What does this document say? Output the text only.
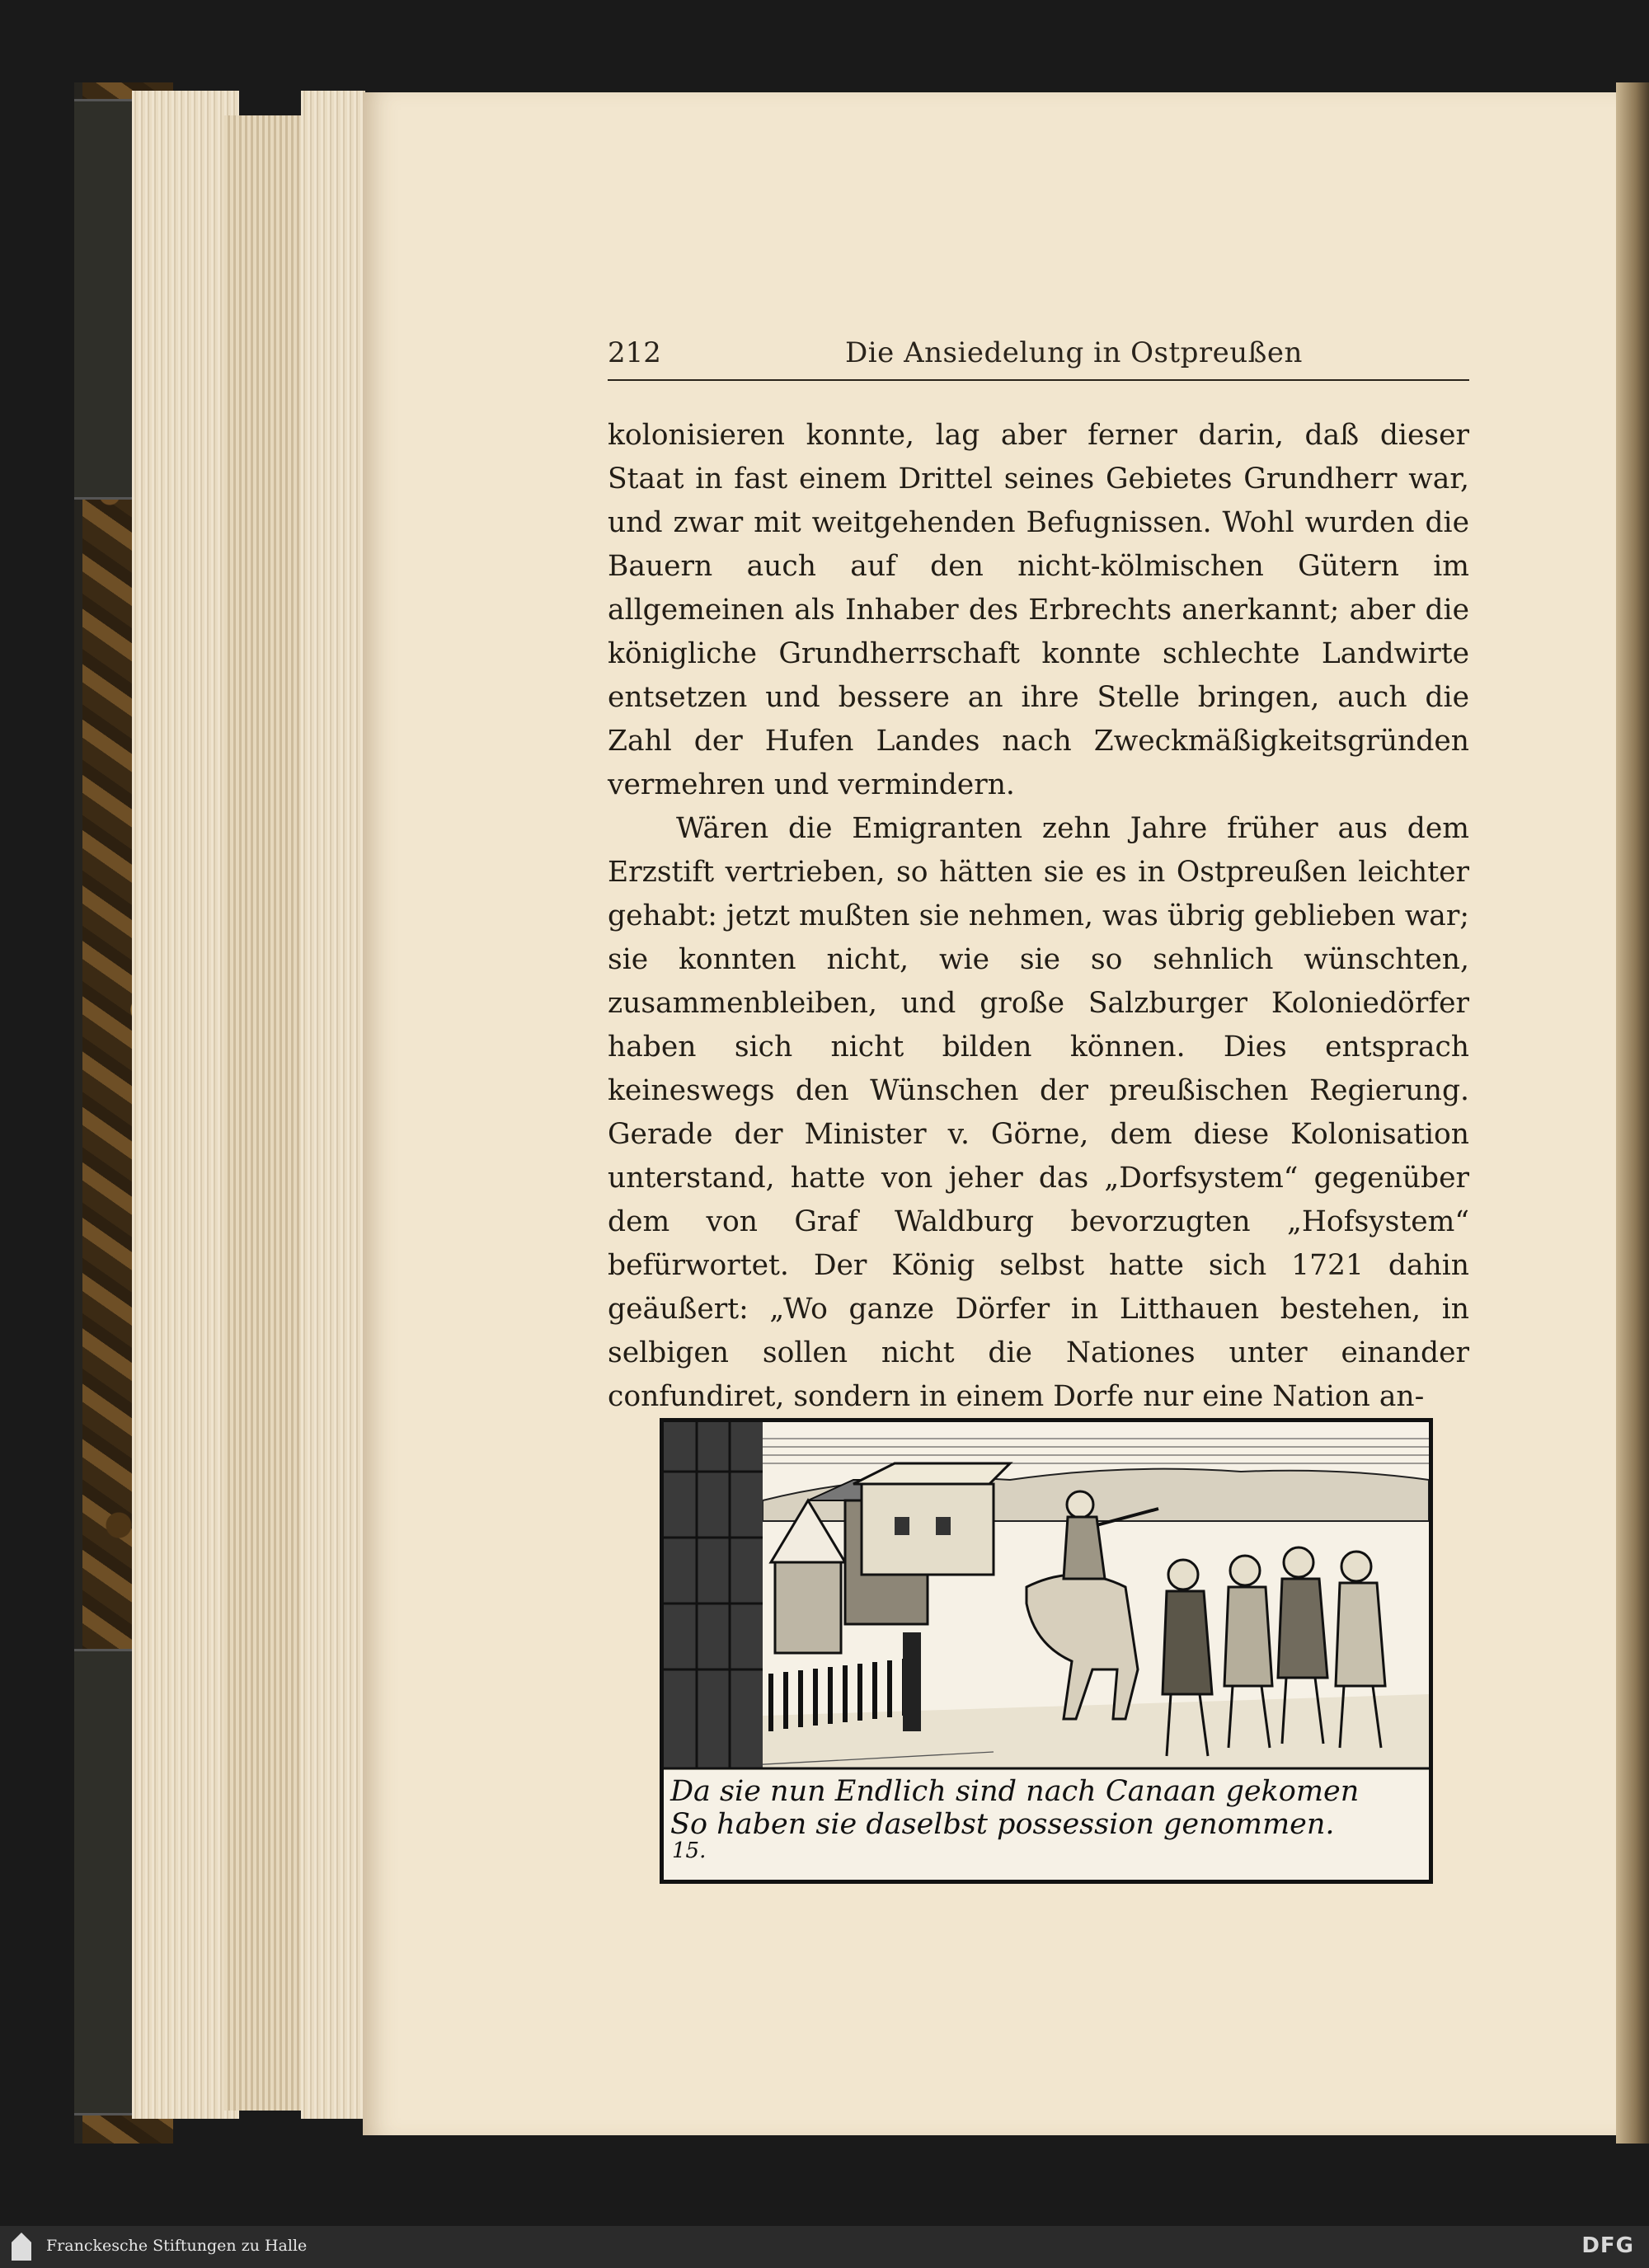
212	Die Ansiedelung in Ostpreußen

kolonisieren konnte, lag aber ferner darin, daß dieser Staat in fast einem Drittel seines Gebietes Grundherr war, und zwar mit weitgehenden Befugnissen. Wohl wurden die Bauern auch auf den nicht-kölmischen Gütern im allgemeinen als Inhaber des Erbrechts anerkannt; aber die königliche Grundherrschaft konnte schlechte Landwirte entsetzen und bessere an ihre Stelle bringen, auch die Zahl der Hufen Landes nach Zweckmäßigkeitsgründen vermehren und vermindern.

Wären die Emigranten zehn Jahre früher aus dem Erzstift vertrieben, so hätten sie es in Ostpreußen leichter gehabt: jetzt mußten sie nehmen, was übrig geblieben war; sie konnten nicht, wie sie so sehnlich wünschten, zusammenbleiben, und große Salzburger Koloniedörfer haben sich nicht bilden können. Dies entsprach keineswegs den Wünschen der preußischen Regierung. Gerade der Minister v. Görne, dem diese Kolonisation unterstand, hatte von jeher das „Dorfsystem“ gegenüber dem von Graf Waldburg bevorzugten „Hofsystem“ befürwortet. Der König selbst hatte sich 1721 dahin geäußert: „Wo ganze Dörfer in Litthauen bestehen, in selbigen sollen nicht die Nationes unter einander confundiret, sondern in einem Dorfe nur eine Nation an-

Da sie nun Endlich sind nach Canaan gekomen
So haben sie daselbst possession genommen.
15.
Franckesche Stiftungen zu Halle	DFG
